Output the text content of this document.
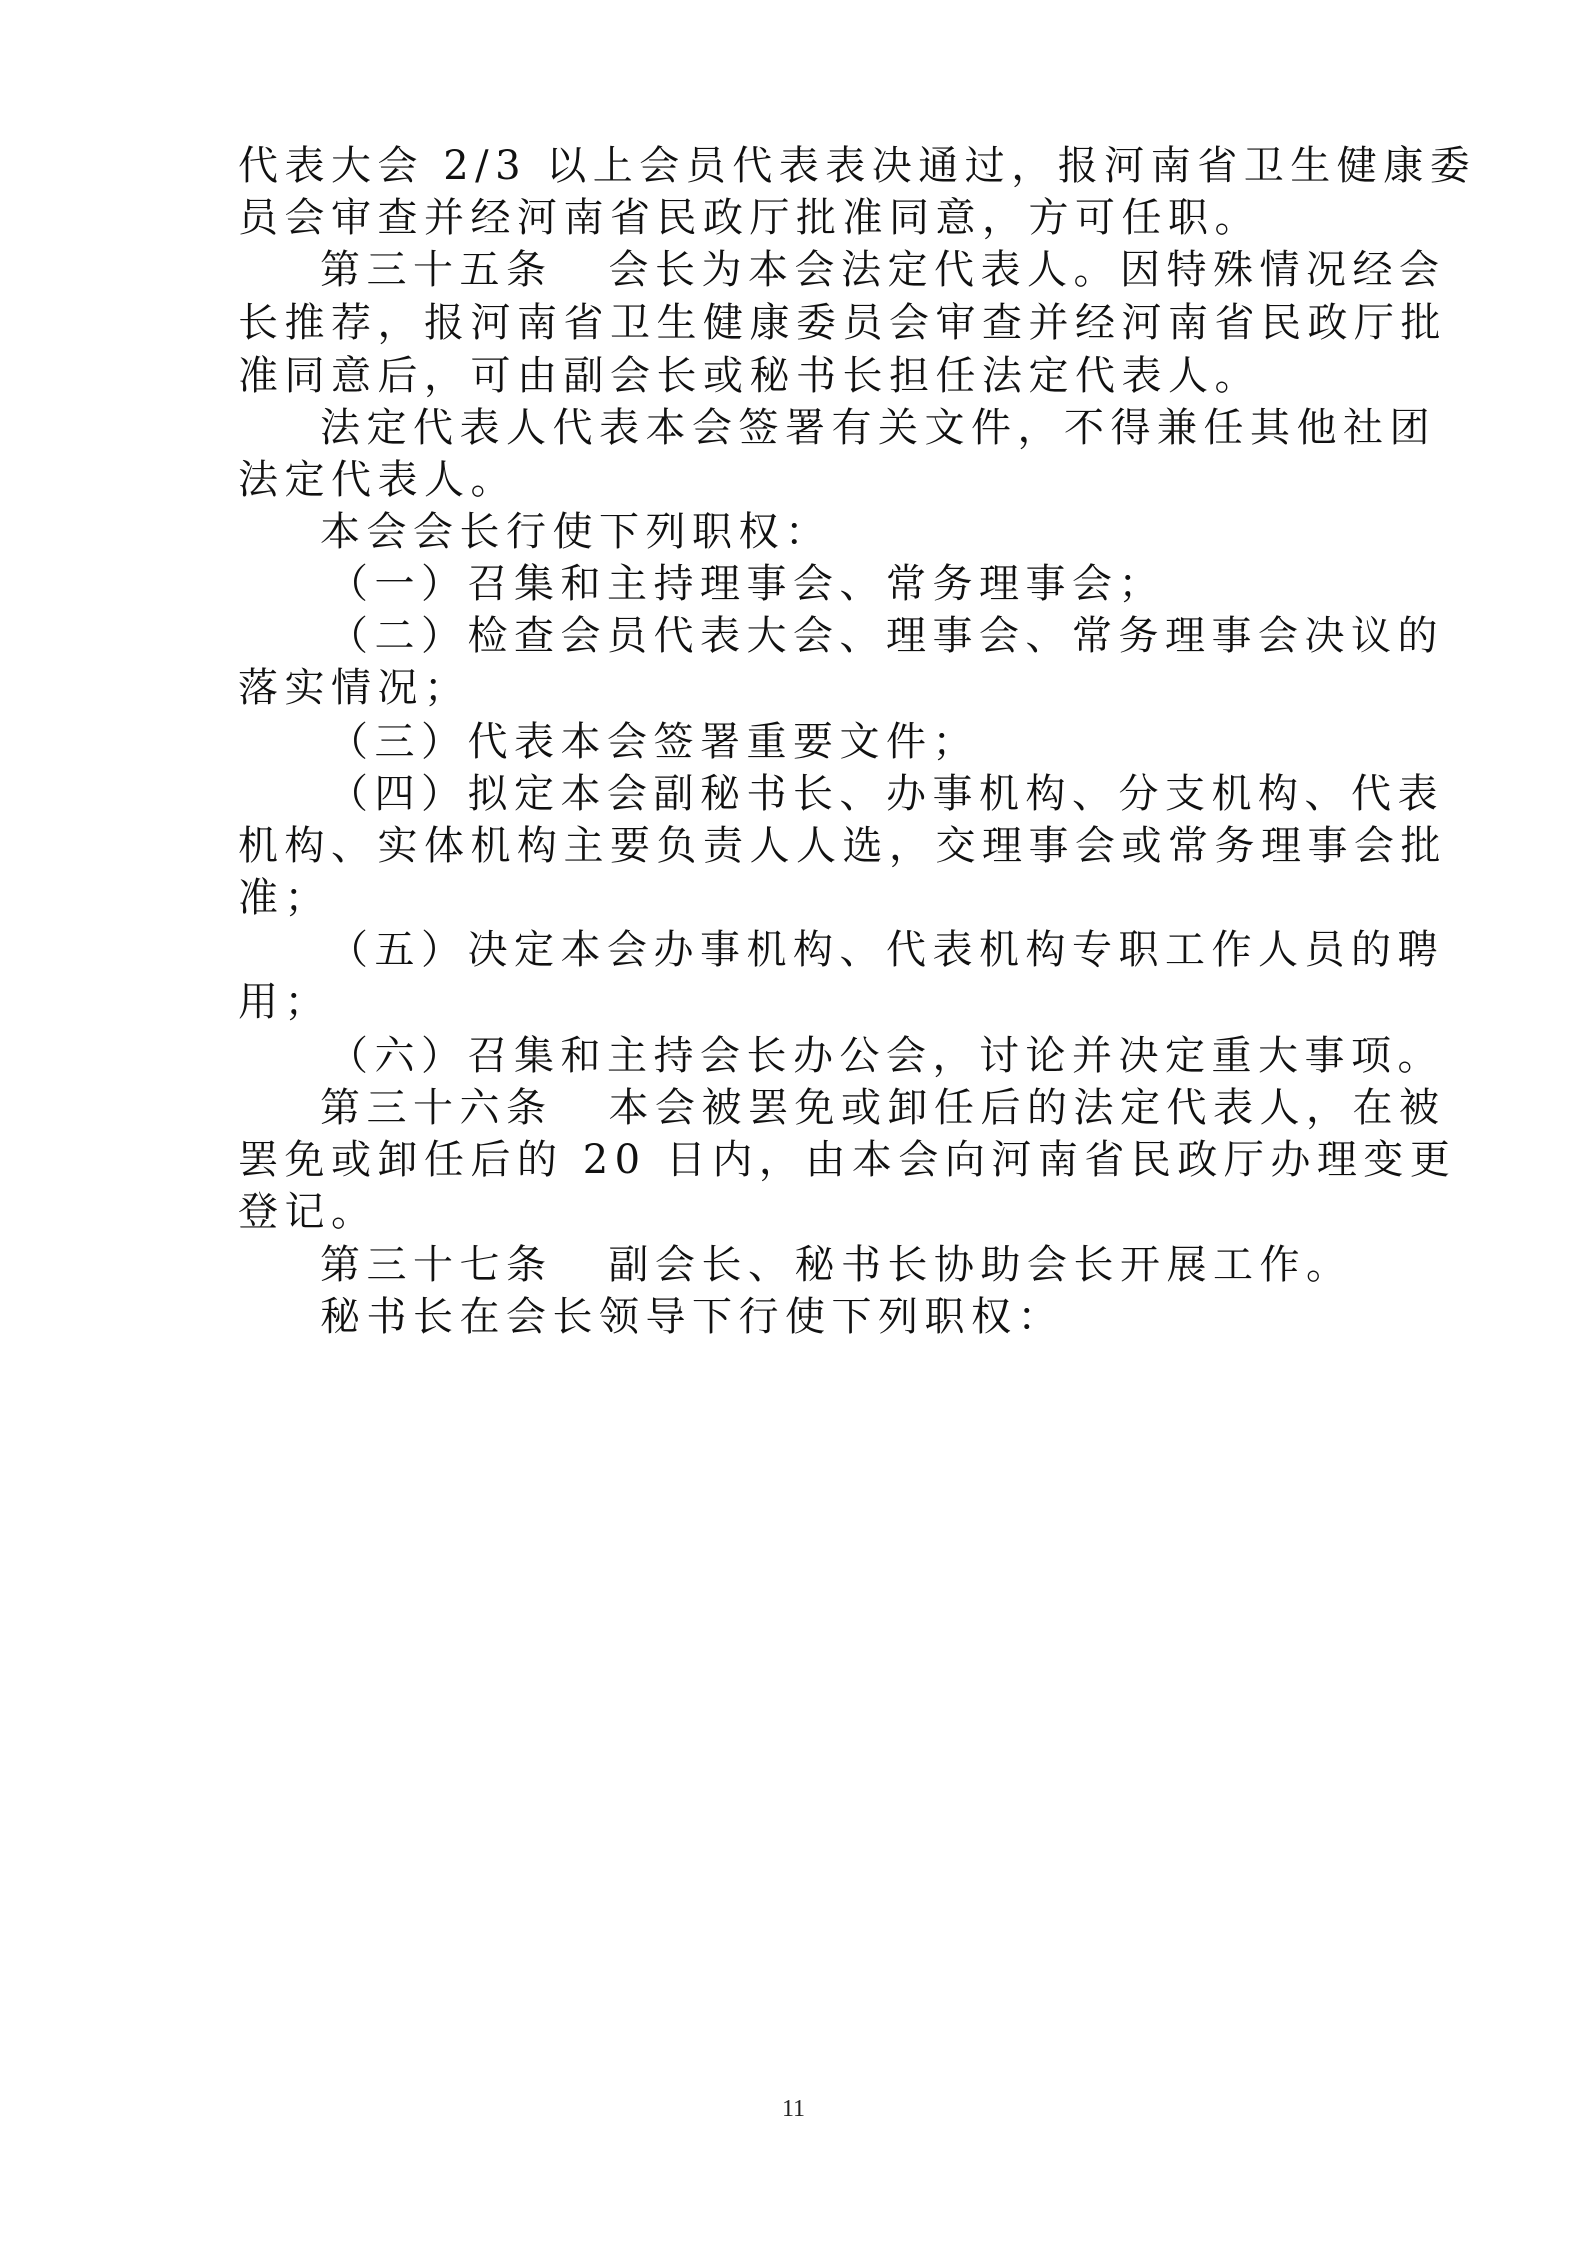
代表大会 2/3 以上会员代表表决通过，报河南省卫生健康委

员会审查并经河南省民政厅批准同意，方可任职。

第三十五条 会长为本会法定代表人。因特殊情况经会

长推荐，报河南省卫生健康委员会审查并经河南省民政厅批

准同意后，可由副会长或秘书长担任法定代表人。

法定代表人代表本会签署有关文件，不得兼任其他社团

法定代表人。

本会会长行使下列职权：

（一）召集和主持理事会、常务理事会；

（二）检查会员代表大会、理事会、常务理事会决议的

落实情况；

（三）代表本会签署重要文件；

（四）拟定本会副秘书长、办事机构、分支机构、代表

机构、实体机构主要负责人人选，交理事会或常务理事会批

准；

（五）决定本会办事机构、代表机构专职工作人员的聘

用；

（六）召集和主持会长办公会，讨论并决定重大事项。

第三十六条 本会被罢免或卸任后的法定代表人，在被

罢免或卸任后的 20 日内，由本会向河南省民政厅办理变更

登记。

第三十七条 副会长、秘书长协助会长开展工作。

秘书长在会长领导下行使下列职权：

11
